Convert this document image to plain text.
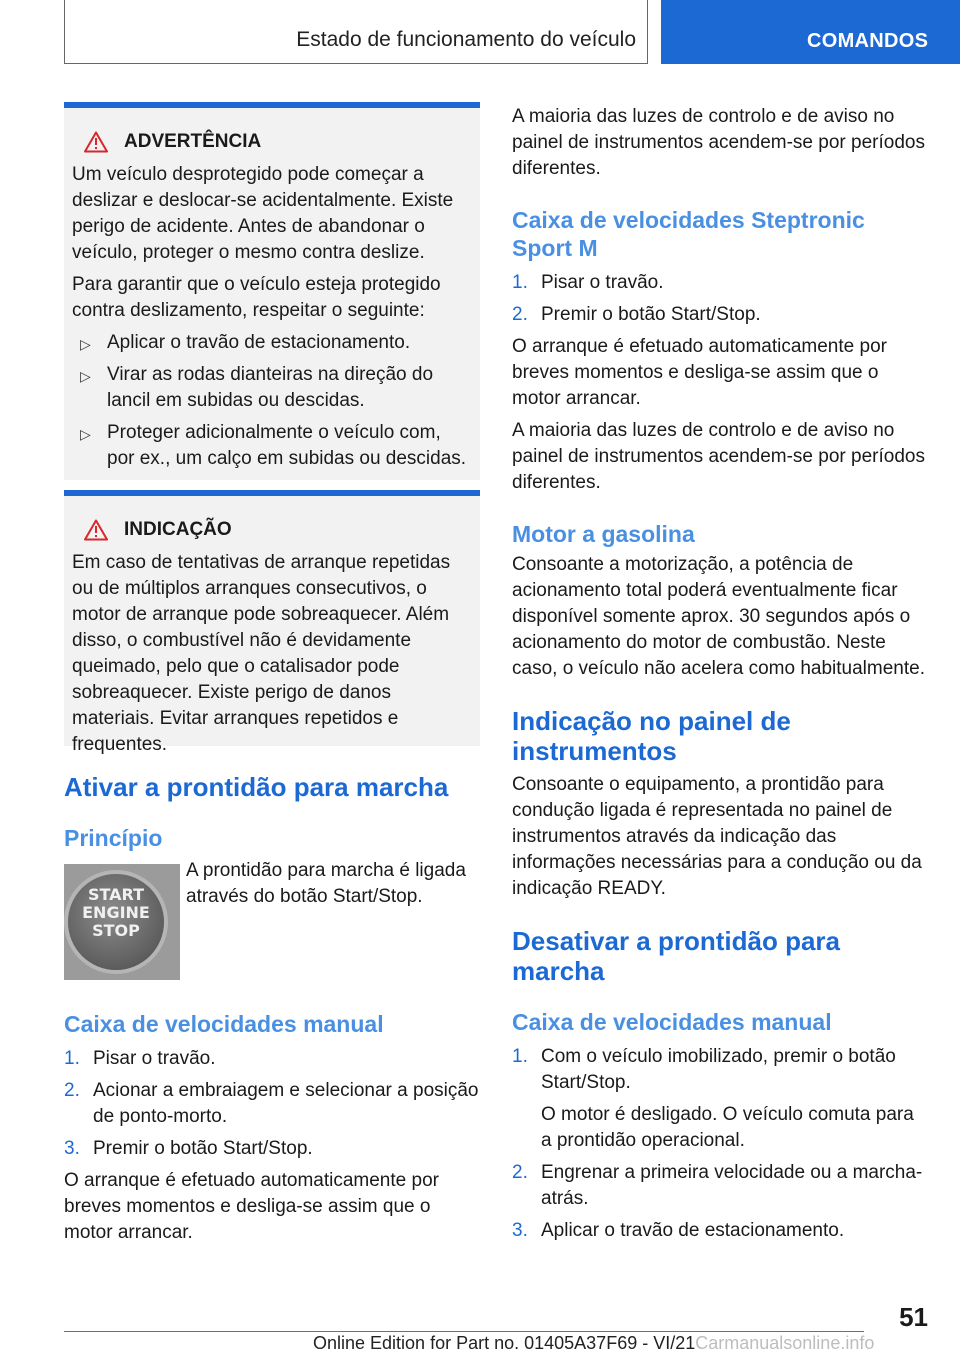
Estado de funcionamento do veículo	COMANDOS
ADVERTÊNCIA

Um veículo desprotegido pode começar a deslizar e deslocar-se acidentalmente. Existe perigo de acidente. Antes de abandonar o veículo, proteger o mesmo contra deslize.

Para garantir que o veículo esteja protegido contra deslizamento, respeitar o seguinte:

▷ Aplicar o travão de estacionamento.
▷ Virar as rodas dianteiras na direção do lancil em subidas ou descidas.
▷ Proteger adicionalmente o veículo com, por ex., um calço em subidas ou descidas.
INDICAÇÃO

Em caso de tentativas de arranque repetidas ou de múltiplos arranques consecutivos, o motor de arranque pode sobreaquecer. Além disso, o combustível não é devidamente queimado, pelo que o catalisador pode sobreaquecer. Existe perigo de danos materiais. Evitar arranques repetidos e frequentes.

Ativar a prontidão para marcha
Princípio
START
ENGINE
STOP

A prontidão para marcha é ligada através do botão Start/Stop.

Caixa de velocidades manual
1. Pisar o travão.
2. Acionar a embraiagem e selecionar a posição de ponto-morto.
3. Premir o botão Start/Stop.

O arranque é efetuado automaticamente por breves momentos e desliga-se assim que o motor arrancar.

A maioria das luzes de controlo e de aviso no painel de instrumentos acendem-se por períodos diferentes.

Caixa de velocidades Steptronic Sport M
1. Pisar o travão.
2. Premir o botão Start/Stop.

O arranque é efetuado automaticamente por breves momentos e desliga-se assim que o motor arrancar.

A maioria das luzes de controlo e de aviso no painel de instrumentos acendem-se por períodos diferentes.

Motor a gasolina

Consoante a motorização, a potência de acionamento total poderá eventualmente ficar disponível somente aprox. 30 segundos após o acionamento do motor de combustão. Neste caso, o veículo não acelera como habitualmente.

Indicação no painel de instrumentos

Consoante o equipamento, a prontidão para condução ligada é representada no painel de instrumentos através da indicação das informações necessárias para a condução ou da indicação READY.

Desativar a prontidão para marcha
Caixa de velocidades manual
1. Com o veículo imobilizado, premir o botão Start/Stop.
O motor é desligado. O veículo comuta para a prontidão operacional.
2. Engrenar a primeira velocidade ou a marcha-atrás.
3. Aplicar o travão de estacionamento.
51
Online Edition for Part no. 01405A37F69 - VI/21Carmanualsonline.info
